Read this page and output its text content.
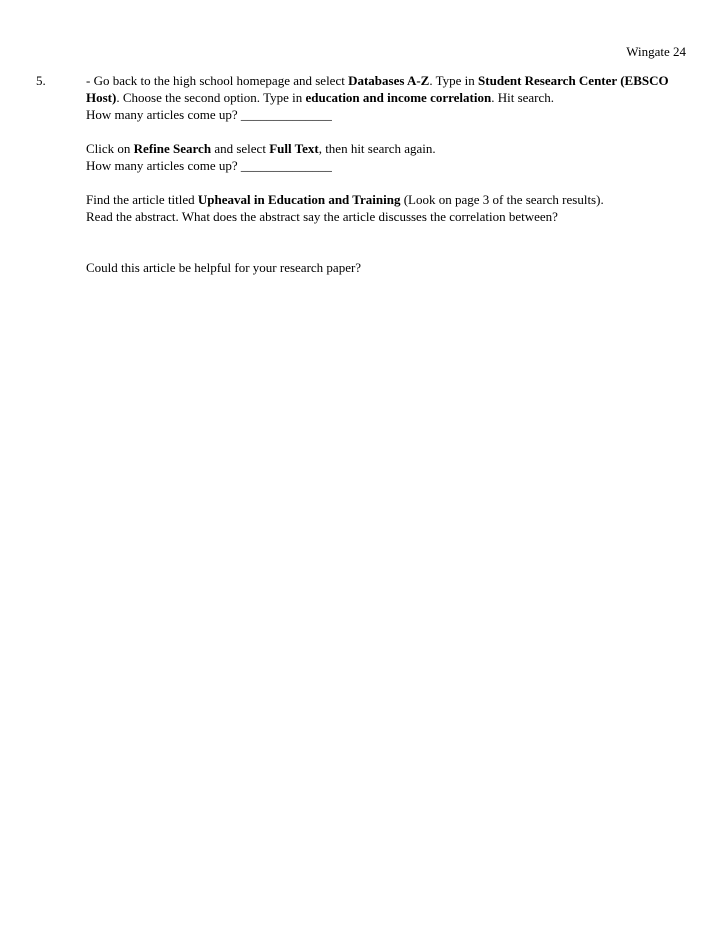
Wingate 24
5.	- Go back to the high school homepage and select Databases A-Z. Type in Student Research Center (EBSCO Host). Choose the second option. Type in education and income correlation. Hit search.
How many articles come up? ______________

Click on Refine Search and select Full Text, then hit search again.
How many articles come up? ______________

Find the article titled Upheaval in Education and Training (Look on page 3 of the search results).
Read the abstract. What does the abstract say the article discusses the correlation between?

Could this article be helpful for your research paper?
